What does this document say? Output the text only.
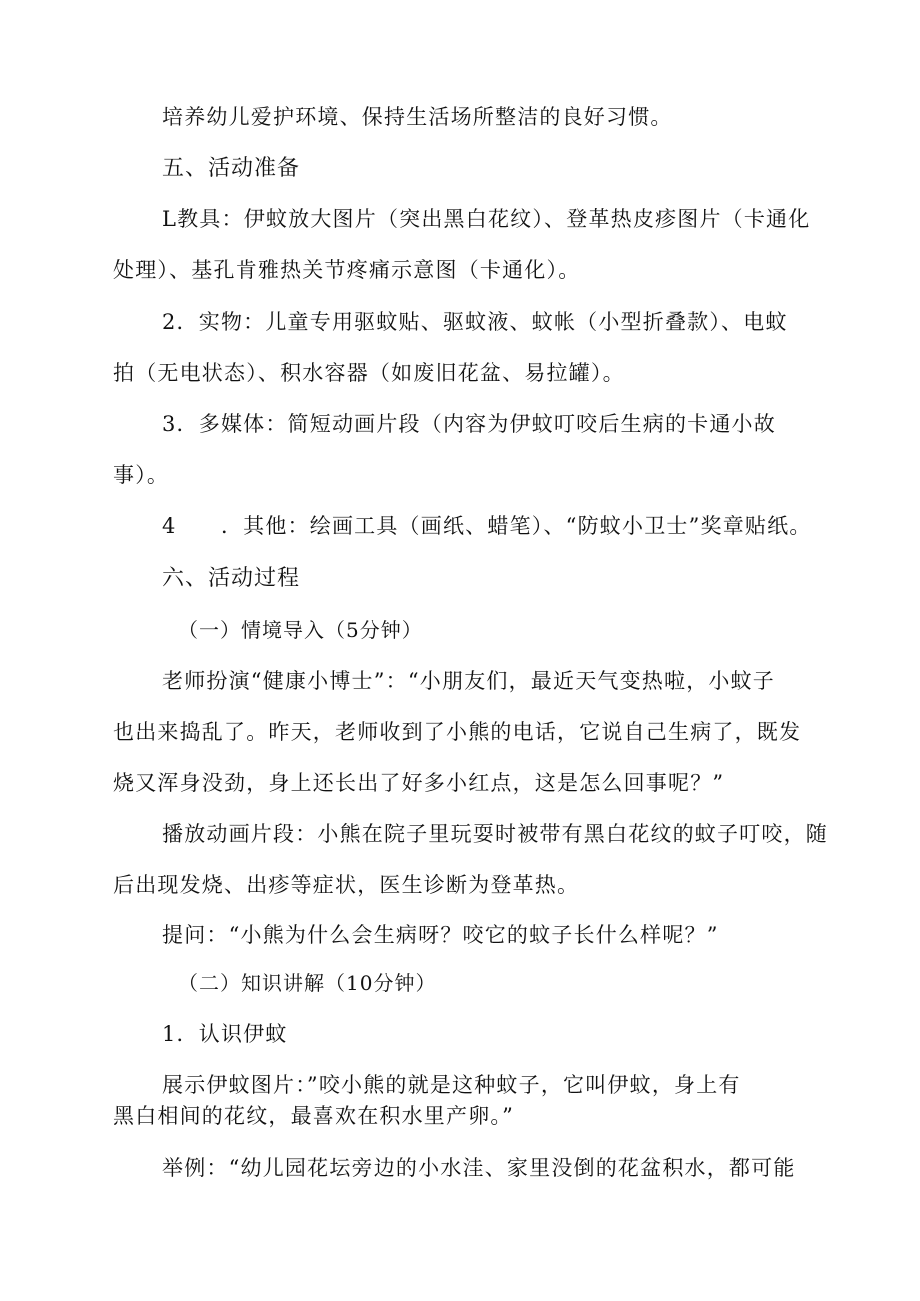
培养幼儿爱护环境、保持生活场所整洁的良好习惯。
五、活动准备
L教具：伊蚊放大图片（突出黑白花纹）、登革热皮疹图片（卡通化
处理）、基孔肯雅热关节疼痛示意图（卡通化）。
2．实物：儿童专用驱蚊贴、驱蚊液、蚊帐（小型折叠款）、电蚊
拍（无电状态）、积水容器（如废旧花盆、易拉罐）。
3．多媒体：简短动画片段（内容为伊蚊叮咬后生病的卡通小故
事）。
4　　．其他：绘画工具（画纸、蜡笔）、“防蚊小卫士”奖章贴纸。
六、活动过程
（一）情境导入（5分钟）
老师扮演“健康小博士”：“小朋友们，最近天气变热啦，小蚊子
也出来捣乱了。昨天，老师收到了小熊的电话，它说自己生病了，既发
烧又浑身没劲，身上还长出了好多小红点，这是怎么回事呢？”
播放动画片段：小熊在院子里玩耍时被带有黑白花纹的蚊子叮咬，随
后出现发烧、出疹等症状，医生诊断为登革热。
提问：“小熊为什么会生病呀？咬它的蚊子长什么样呢？”
（二）知识讲解（10分钟）
1．认识伊蚊
展示伊蚊图片：”咬小熊的就是这种蚊子，它叫伊蚊，身上有
黑白相间的花纹，最喜欢在积水里产卵。”
举例：“幼儿园花坛旁边的小水洼、家里没倒的花盆积水，都可能
